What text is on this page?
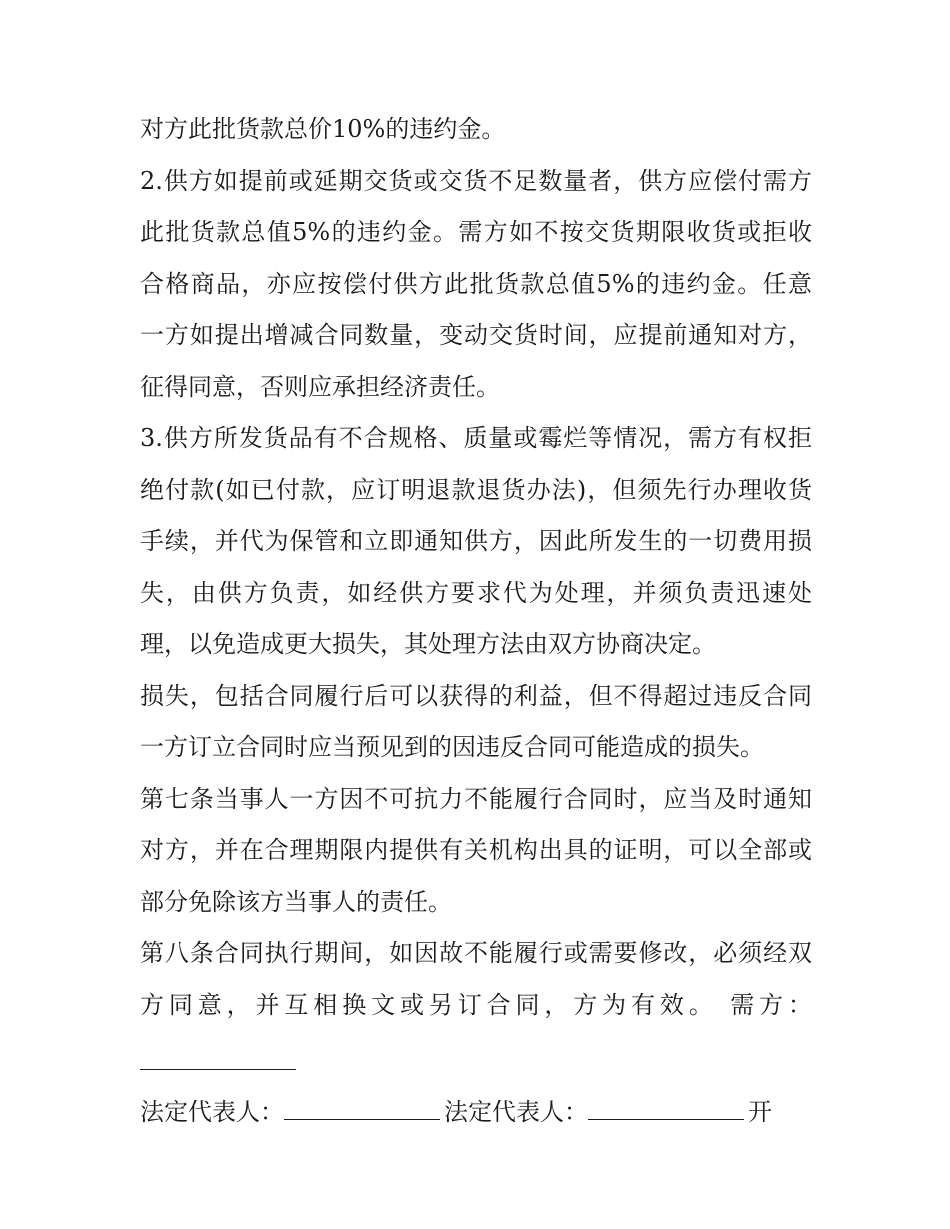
对方此批货款总价10%的违约金。
2.供方如提前或延期交货或交货不足数量者，供方应偿付需方
此批货款总值5%的违约金。需方如不按交货期限收货或拒收
合格商品，亦应按偿付供方此批货款总值5%的违约金。任意
一方如提出增减合同数量，变动交货时间，应提前通知对方，
征得同意，否则应承担经济责任。
3.供方所发货品有不合规格、质量或霉烂等情况，需方有权拒
绝付款(如已付款，应订明退款退货办法)，但须先行办理收货
手续，并代为保管和立即通知供方，因此所发生的一切费用损
失，由供方负责，如经供方要求代为处理，并须负责迅速处
理，以免造成更大损失，其处理方法由双方协商决定。
损失，包括合同履行后可以获得的利益，但不得超过违反合同
一方订立合同时应当预见到的因违反合同可能造成的损失。
第七条当事人一方因不可抗力不能履行合同时，应当及时通知
对方，并在合理期限内提供有关机构出具的证明，可以全部或
部分免除该方当事人的责任。
第八条合同执行期间，如因故不能履行或需要修改，必须经双
方同意，并互相换文或另订合同，方为有效。 需方：
法定代表人：	法定代表人：	开
